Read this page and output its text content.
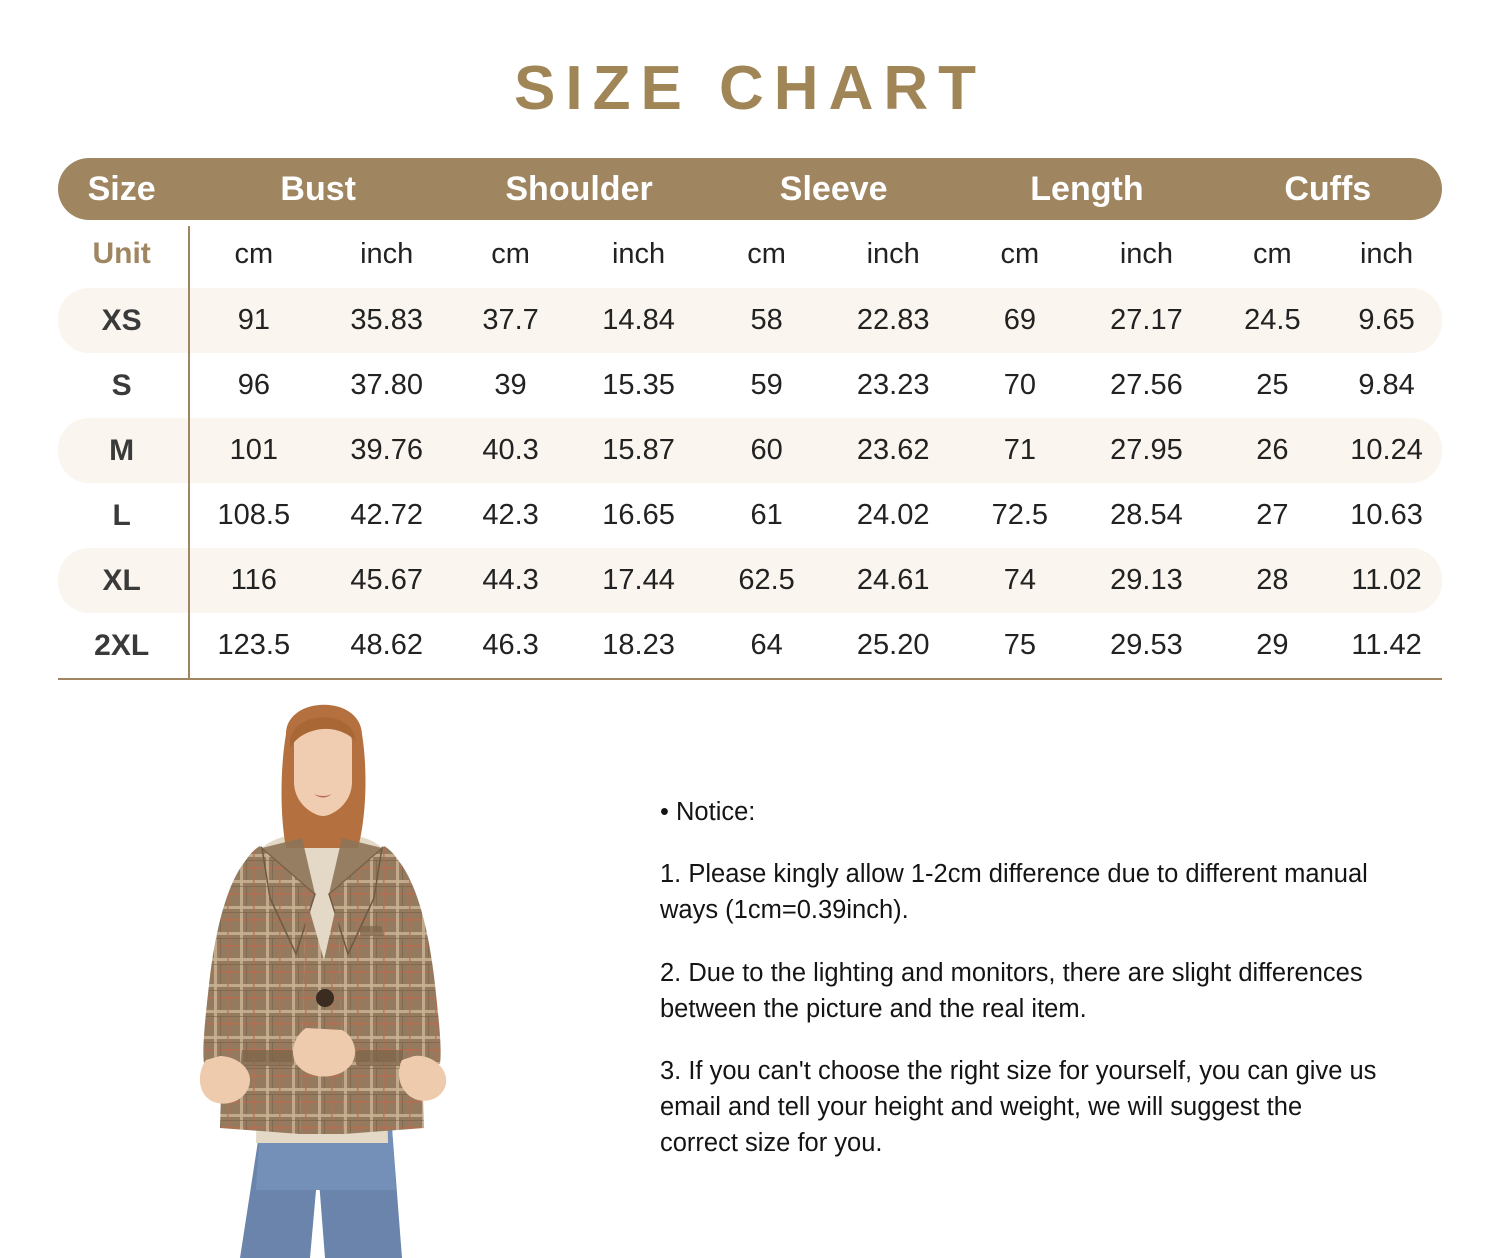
SIZE CHART
Size	Bust		Shoulder		Sleeve		Length		Cuffs	
Unit	cm	inch	cm	inch	cm	inch	cm	inch	cm	inch
XS	91	35.83	37.7	14.84	58	22.83	69	27.17	24.5	9.65
S	96	37.80	39	15.35	59	23.23	70	27.56	25	9.84
M	101	39.76	40.3	15.87	60	23.62	71	27.95	26	10.24
L	108.5	42.72	42.3	16.65	61	24.02	72.5	28.54	27	10.63
XL	116	45.67	44.3	17.44	62.5	24.61	74	29.13	28	11.02
2XL	123.5	48.62	46.3	18.23	64	25.20	75	29.53	29	11.42

• Notice:

1. Please kingly allow 1-2cm difference due to different manual ways (1cm=0.39inch).

2. Due to the lighting and monitors, there are slight differences between the picture and the real item.

3. If you can't choose the right size for yourself, you can give us email and tell your height and weight, we will suggest the correct size for you.
